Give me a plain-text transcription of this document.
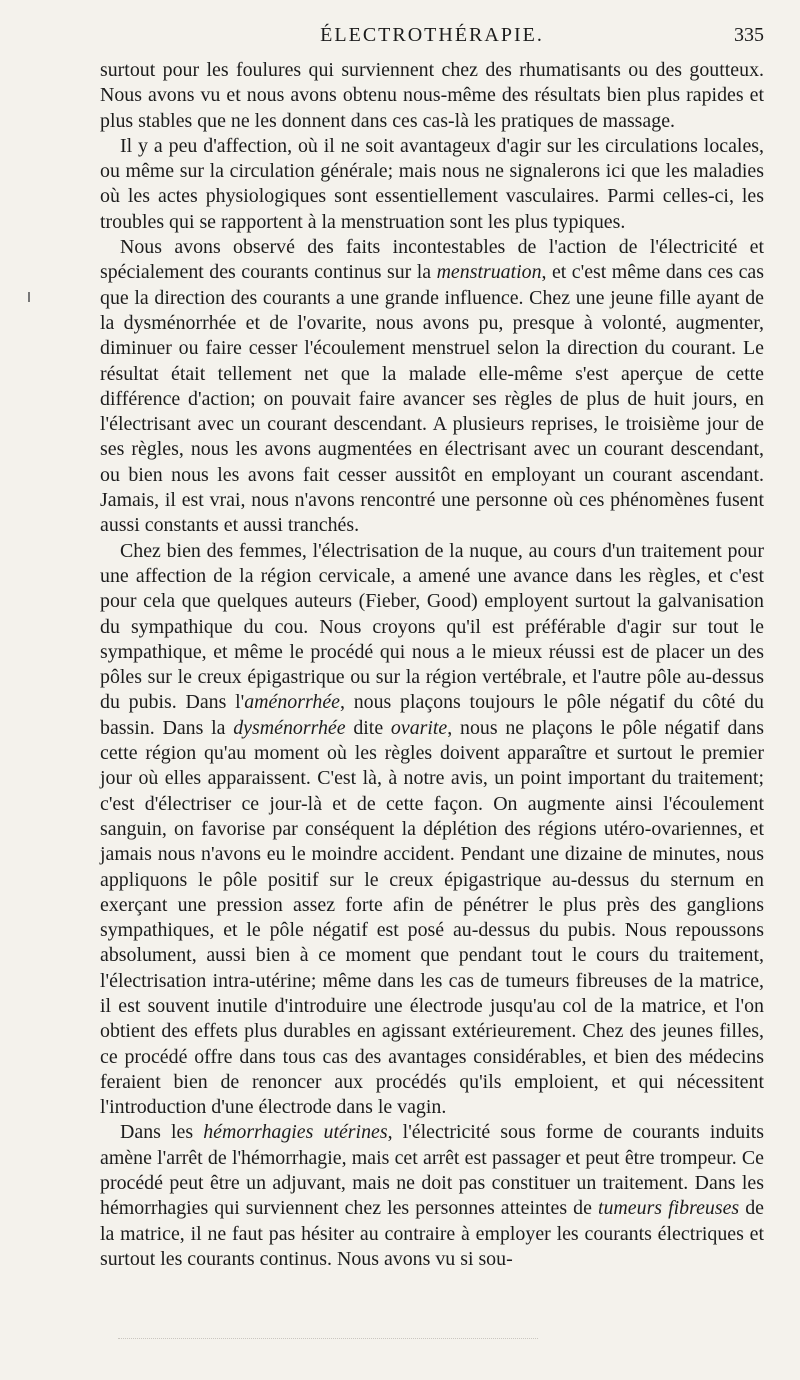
ÉLECTROTHÉRAPIE.	335

surtout pour les foulures qui surviennent chez des rhumatisants ou des goutteux. Nous avons vu et nous avons obtenu nous-même des résultats bien plus rapides et plus stables que ne les donnent dans ces cas-là les pratiques de massage.

Il y a peu d'affection, où il ne soit avantageux d'agir sur les circulations locales, ou même sur la circulation générale; mais nous ne signalerons ici que les maladies où les actes physiologiques sont essentiellement vasculaires. Parmi celles-ci, les troubles qui se rapportent à la menstruation sont les plus typiques.

Nous avons observé des faits incontestables de l'action de l'électricité et spécialement des courants continus sur la menstruation, et c'est même dans ces cas que la direction des courants a une grande influence. Chez une jeune fille ayant de la dysménorrhée et de l'ovarite, nous avons pu, presque à volonté, augmenter, diminuer ou faire cesser l'écoulement menstruel selon la direction du courant. Le résultat était tellement net que la malade elle-même s'est aperçue de cette différence d'action; on pouvait faire avancer ses règles de plus de huit jours, en l'électrisant avec un courant descendant. A plusieurs reprises, le troisième jour de ses règles, nous les avons augmentées en électrisant avec un courant descendant, ou bien nous les avons fait cesser aussitôt en employant un courant ascendant. Jamais, il est vrai, nous n'avons rencontré une personne où ces phénomènes fusent aussi constants et aussi tranchés.

Chez bien des femmes, l'électrisation de la nuque, au cours d'un traitement pour une affection de la région cervicale, a amené une avance dans les règles, et c'est pour cela que quelques auteurs (Fieber, Good) employent surtout la galvanisation du sympathique du cou. Nous croyons qu'il est préférable d'agir sur tout le sympathique, et même le procédé qui nous a le mieux réussi est de placer un des pôles sur le creux épigastrique ou sur la région vertébrale, et l'autre pôle au-dessus du pubis. Dans l'aménorrhée, nous plaçons toujours le pôle négatif du côté du bassin. Dans la dysménorrhée dite ovarite, nous ne plaçons le pôle négatif dans cette région qu'au moment où les règles doivent apparaître et surtout le premier jour où elles apparaissent. C'est là, à notre avis, un point important du traitement; c'est d'électriser ce jour-là et de cette façon. On augmente ainsi l'écoulement sanguin, on favorise par conséquent la déplétion des régions utéro-ovariennes, et jamais nous n'avons eu le moindre accident. Pendant une dizaine de minutes, nous appliquons le pôle positif sur le creux épigastrique au-dessus du sternum en exerçant une pression assez forte afin de pénétrer le plus près des ganglions sympathiques, et le pôle négatif est posé au-dessus du pubis. Nous repoussons absolument, aussi bien à ce moment que pendant tout le cours du traitement, l'électrisation intra-utérine; même dans les cas de tumeurs fibreuses de la matrice, il est souvent inutile d'introduire une électrode jusqu'au col de la matrice, et l'on obtient des effets plus durables en agissant extérieurement. Chez des jeunes filles, ce procédé offre dans tous cas des avantages considérables, et bien des médecins feraient bien de renoncer aux procédés qu'ils emploient, et qui nécessitent l'introduction d'une électrode dans le vagin.

Dans les hémorrhagies utérines, l'électricité sous forme de courants induits amène l'arrêt de l'hémorrhagie, mais cet arrêt est passager et peut être trompeur. Ce procédé peut être un adjuvant, mais ne doit pas constituer un traitement. Dans les hémorrhagies qui surviennent chez les personnes atteintes de tumeurs fibreuses de la matrice, il ne faut pas hésiter au contraire à employer les courants électriques et surtout les courants continus. Nous avons vu si sou-
